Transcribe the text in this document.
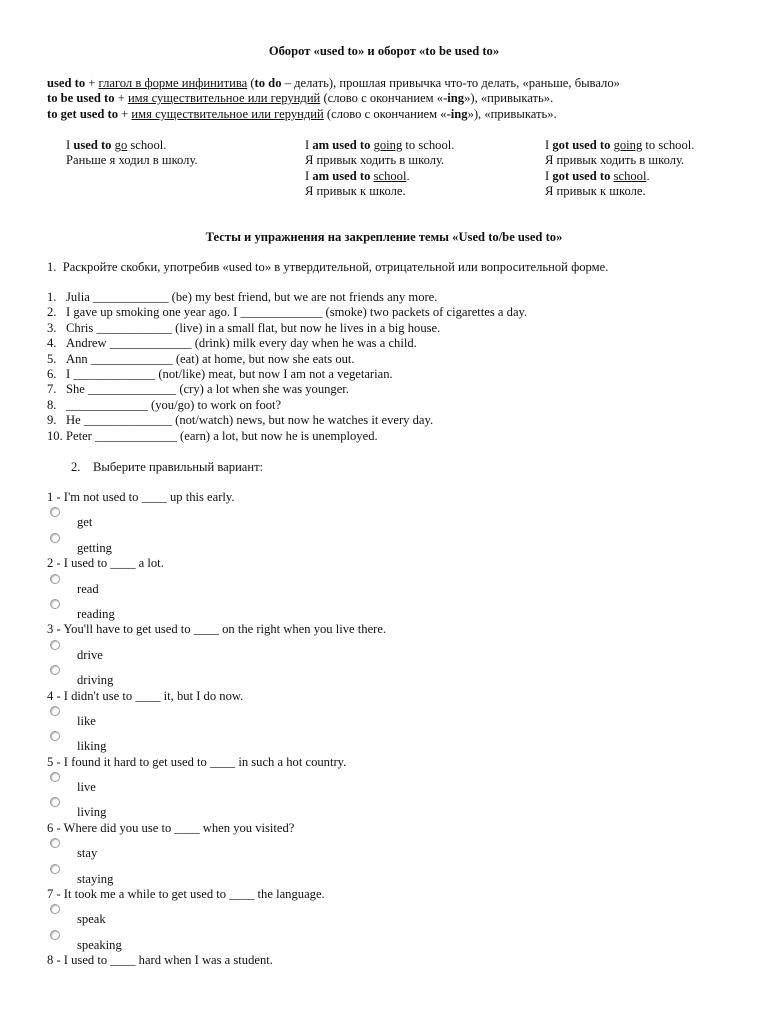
Оборот «used to» и оборот «to be used to»
used to + глагол в форме инфинитива (to do – делать), прошлая привычка что-то делать, «раньше, бывало»
to be used to + имя существительное или герундий (слово с окончанием «-ing»), «привыкать».
to get used to + имя существительное или герундий (слово с окончанием «-ing»), «привыкать».
I used to go school.
Раньше я ходил в школу.
I am used to going to school.
Я привык ходить в школу.
I am used to school.
Я привык к школе.
I got used to going to school.
Я привык ходить в школу.
I got used to school.
Я привык к школе.
Тесты и упражнения на закрепление темы «Used to/be used to»
1. Раскройте скобки, употребив «used to» в утвердительной, отрицательной или вопросительной форме.
1. Julia ____________ (be) my best friend, but we are not friends any more.
2. I gave up smoking one year ago. I _____________ (smoke) two packets of cigarettes a day.
3. Chris ____________ (live) in a small flat, but now he lives in a big house.
4. Andrew _____________ (drink) milk every day when he was a child.
5. Ann _____________ (eat) at home, but now she eats out.
6. I _____________ (not/like) meat, but now I am not a vegetarian.
7. She ______________ (cry) a lot when she was younger.
8. _____________ (you/go) to work on foot?
9. He ______________ (not/watch) news, but now he watches it every day.
10. Peter _____________ (earn) a lot, but now he is unemployed.
2. Выберите правильный вариант:
1 - I'm not used to ____ up this early.
get
getting
2 - I used to ____ a lot.
read
reading
3 - You'll have to get used to ____ on the right when you live there.
drive
driving
4 - I didn't use to ____ it, but I do now.
like
liking
5 - I found it hard to get used to ____ in such a hot country.
live
living
6 - Where did you use to ____ when you visited?
stay
staying
7 - It took me a while to get used to ____ the language.
speak
speaking
8 - I used to ____ hard when I was a student.
